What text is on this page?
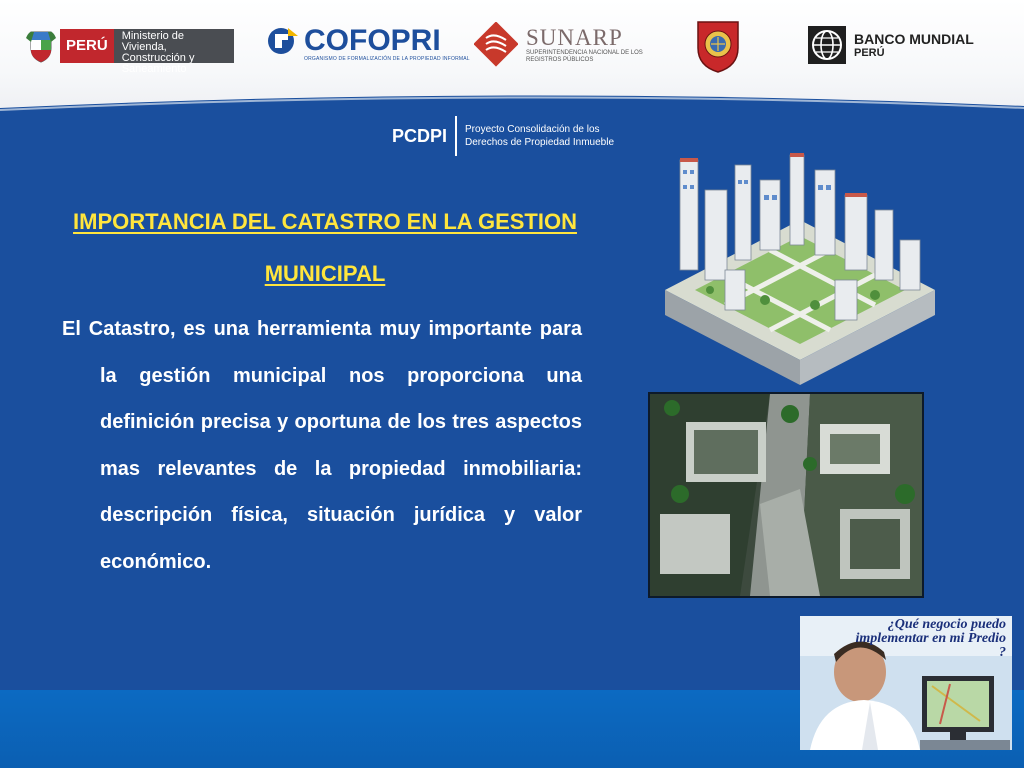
PERÚ
Ministerio de Vivienda, Construcción y Saneamiento
COFOPRI
ORGANISMO DE FORMALIZACIÓN DE LA PROPIEDAD INFORMAL
SUNARP
SUPERINTENDENCIA NACIONAL DE LOS REGISTROS PÚBLICOS
BANCO MUNDIAL
PERÚ
PCDPI Proyecto Consolidación de los Derechos de Propiedad Inmueble
IMPORTANCIA DEL CATASTRO EN LA GESTION MUNICIPAL
El Catastro, es una herramienta muy importante para la gestión municipal nos proporciona una definición precisa y oportuna de los tres aspectos mas relevantes de la propiedad inmobiliaria: descripción física, situación jurídica y valor económico.
¿Qué negocio puedo implementar en mi Predio ?
